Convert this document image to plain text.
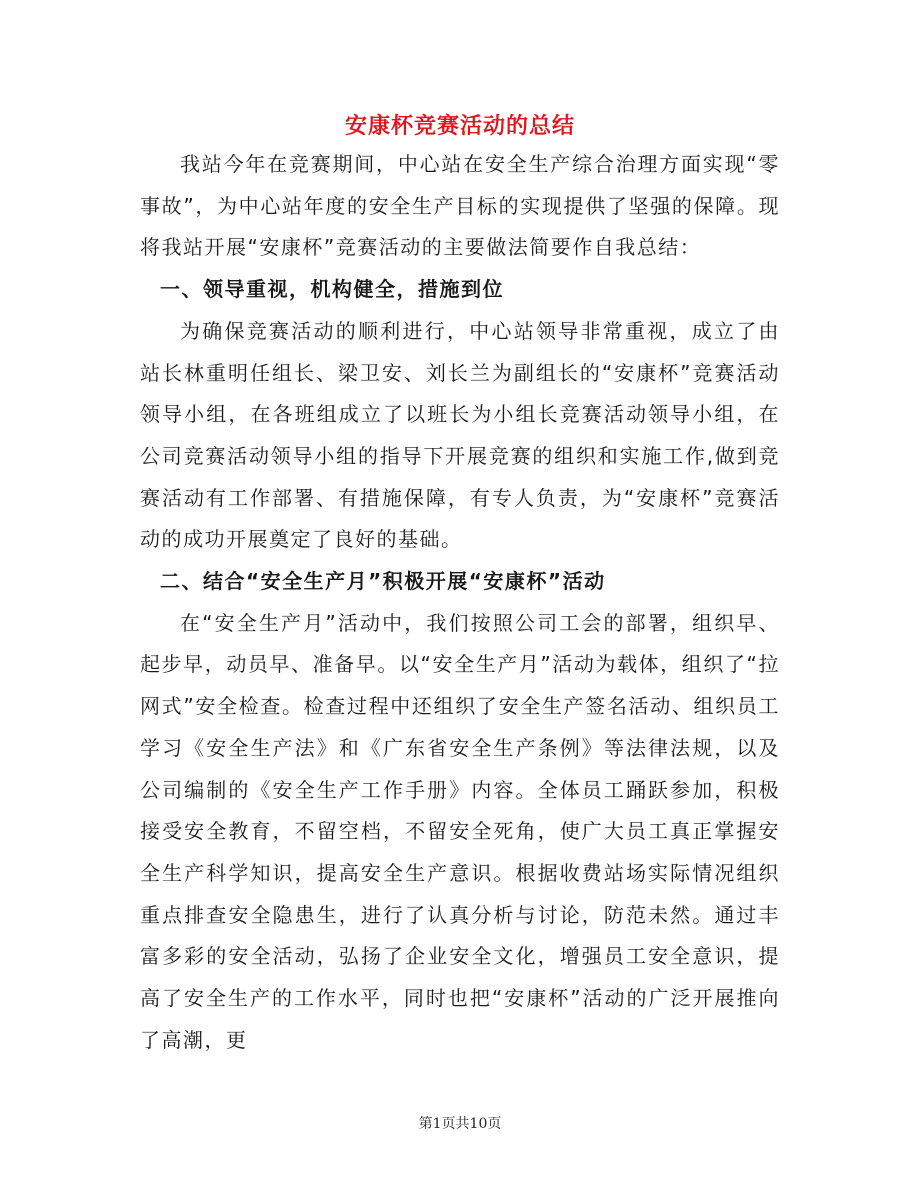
安康杯竞赛活动的总结

我站今年在竞赛期间，中心站在安全生产综合治理方面实现“零事故”，为中心站年度的安全生产目标的实现提供了坚强的保障。现将我站开展“安康杯”竞赛活动的主要做法简要作自我总结：

一、领导重视，机构健全，措施到位

为确保竞赛活动的顺利进行，中心站领导非常重视，成立了由站长林重明任组长、梁卫安、刘长兰为副组长的“安康杯”竞赛活动领导小组，在各班组成立了以班长为小组长竞赛活动领导小组，在公司竞赛活动领导小组的指导下开展竞赛的组织和实施工作,做到竞赛活动有工作部署、有措施保障，有专人负责，为“安康杯”竞赛活动的成功开展奠定了良好的基础。

二、结合“安全生产月”积极开展“安康杯”活动

在“安全生产月”活动中，我们按照公司工会的部署，组织早、起步早，动员早、准备早。以“安全生产月”活动为载体，组织了“拉网式”安全检查。检查过程中还组织了安全生产签名活动、组织员工学习《安全生产法》和《广东省安全生产条例》等法律法规，以及公司编制的《安全生产工作手册》内容。全体员工踊跃参加，积极接受安全教育，不留空档，不留安全死角，使广大员工真正掌握安全生产科学知识，提高安全生产意识。根据收费站场实际情况组织重点排查安全隐患生，进行了认真分析与讨论，防范未然。通过丰富多彩的安全活动，弘扬了企业安全文化，增强员工安全意识，提高了安全生产的工作水平，同时也把“安康杯”活动的广泛开展推向了高潮，更

第1页共10页
